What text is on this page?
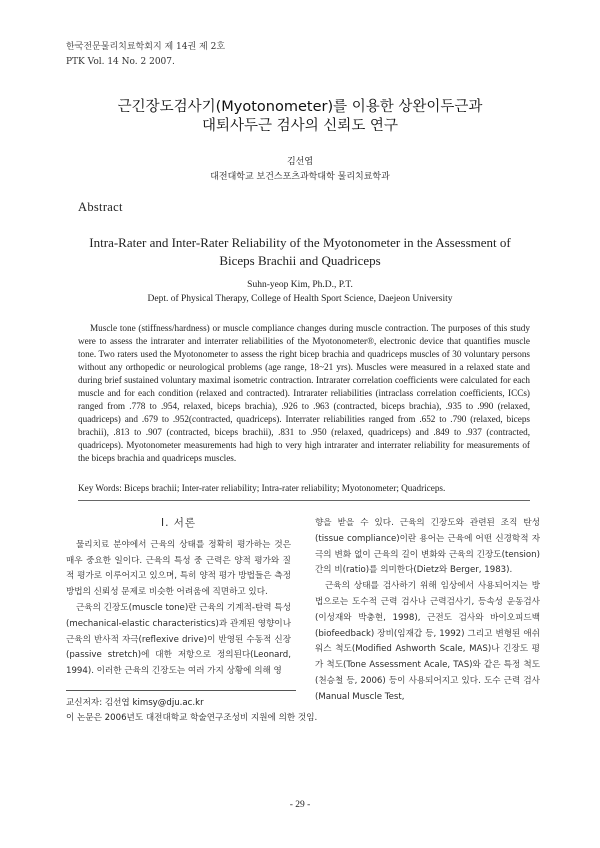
한국전문물리치료학회지 제 14권 제 2호
PTK Vol. 14 No. 2 2007.
근긴장도검사기(Myotonometer)를 이용한 상완이두근과
대퇴사두근 검사의 신뢰도 연구
김선엽
대전대학교 보건스포츠과학대학 물리치료학과
Abstract
Intra-Rater and Inter-Rater Reliability of the Myotonometer in the Assessment of
Biceps Brachii and Quadriceps
Suhn-yeop Kim, Ph.D., P.T.
Dept. of Physical Therapy, College of Health Sport Science, Daejeon University
Muscle tone (stiffness/hardness) or muscle compliance changes during muscle contraction. The purposes of this study were to assess the intrarater and interrater reliabilities of the Myotonometer®, electronic device that quantifies muscle tone. Two raters used the Myotonometer to assess the right bicep brachia and quadriceps muscles of 30 voluntary persons without any orthopedic or neurological problems (age range, 18~21 yrs). Muscles were measured in a relaxed state and during brief sustained voluntary maximal isometric contraction. Intrarater correlation coefficients were calculated for each muscle and for each condition (relaxed and contracted). Intrarater reliabilities (intraclass correlation coefficients, ICCs) ranged from .778 to .954, relaxed, biceps brachia), .926 to .963 (contracted, biceps brachia), .935 to .990 (relaxed, quadriceps) and .679 to .952(contracted, quadriceps). Interrater reliabilities ranged from .652 to .790 (relaxed, biceps brachii), .813 to .907 (contracted, biceps brachii), .831 to .950 (relaxed, quadriceps) and .849 to .937 (contracted, quadriceps). Myotonometer measurements had high to very high intrarater and interrater reliability for measurements of the biceps brachia and quadriceps muscles.
Key Words: Biceps brachii; Inter-rater reliability; Intra-rater reliability; Myotonometer; Quadriceps.
Ⅰ. 서론

물리치료 분야에서 근육의 상태를 정확히 평가하는 것은 매우 중요한 일이다. 근육의 특성 중 근력은 양적 평가와 질적 평가로 이루어지고 있으며, 특히 양적 평가 방법들은 측정방법의 신뢰성 문제로 비슷한 어려움에 직면하고 있다.

근육의 긴장도(muscle tone)란 근육의 기계적-탄력 특성(mechanical-elastic characteristics)과 관계된 영향이나 근육의 반사적 자극(reflexive drive)이 반영된 수동적 신장(passive stretch)에 대한 저항으로 정의된다(Leonard, 1994). 이러한 근육의 긴장도는 여러 가지 상황에 의해 영

향을 받을 수 있다. 근육의 긴장도와 관련된 조직 탄성(tissue compliance)이란 용어는 근육에 어떤 신경학적 자극의 변화 없이 근육의 길이 변화와 근육의 긴장도(tension)간의 비(ratio)를 의미한다(Dietz와 Berger, 1983).

근육의 상태를 검사하기 위해 임상에서 사용되어지는 방법으로는 도수적 근력 검사나 근력검사기, 등속성 운동검사(이성재와 박충현, 1998), 근전도 검사와 바이오피드백(biofeedback) 장비(임재갑 등, 1992) 그리고 변형된 애쉬워스 척도(Modified Ashworth Scale, MAS)나 긴장도 평가 척도(Tone Assessment Acale, TAS)와 같은 특정 척도(천승철 등, 2006) 등이 사용되어지고 있다. 도수 근력 검사(Manual Muscle Test,

교신저자: 김선엽 kimsy@dju.ac.kr
이 논문은 2006년도 대전대학교 학술연구조성비 지원에 의한 것임.
- 29 -
